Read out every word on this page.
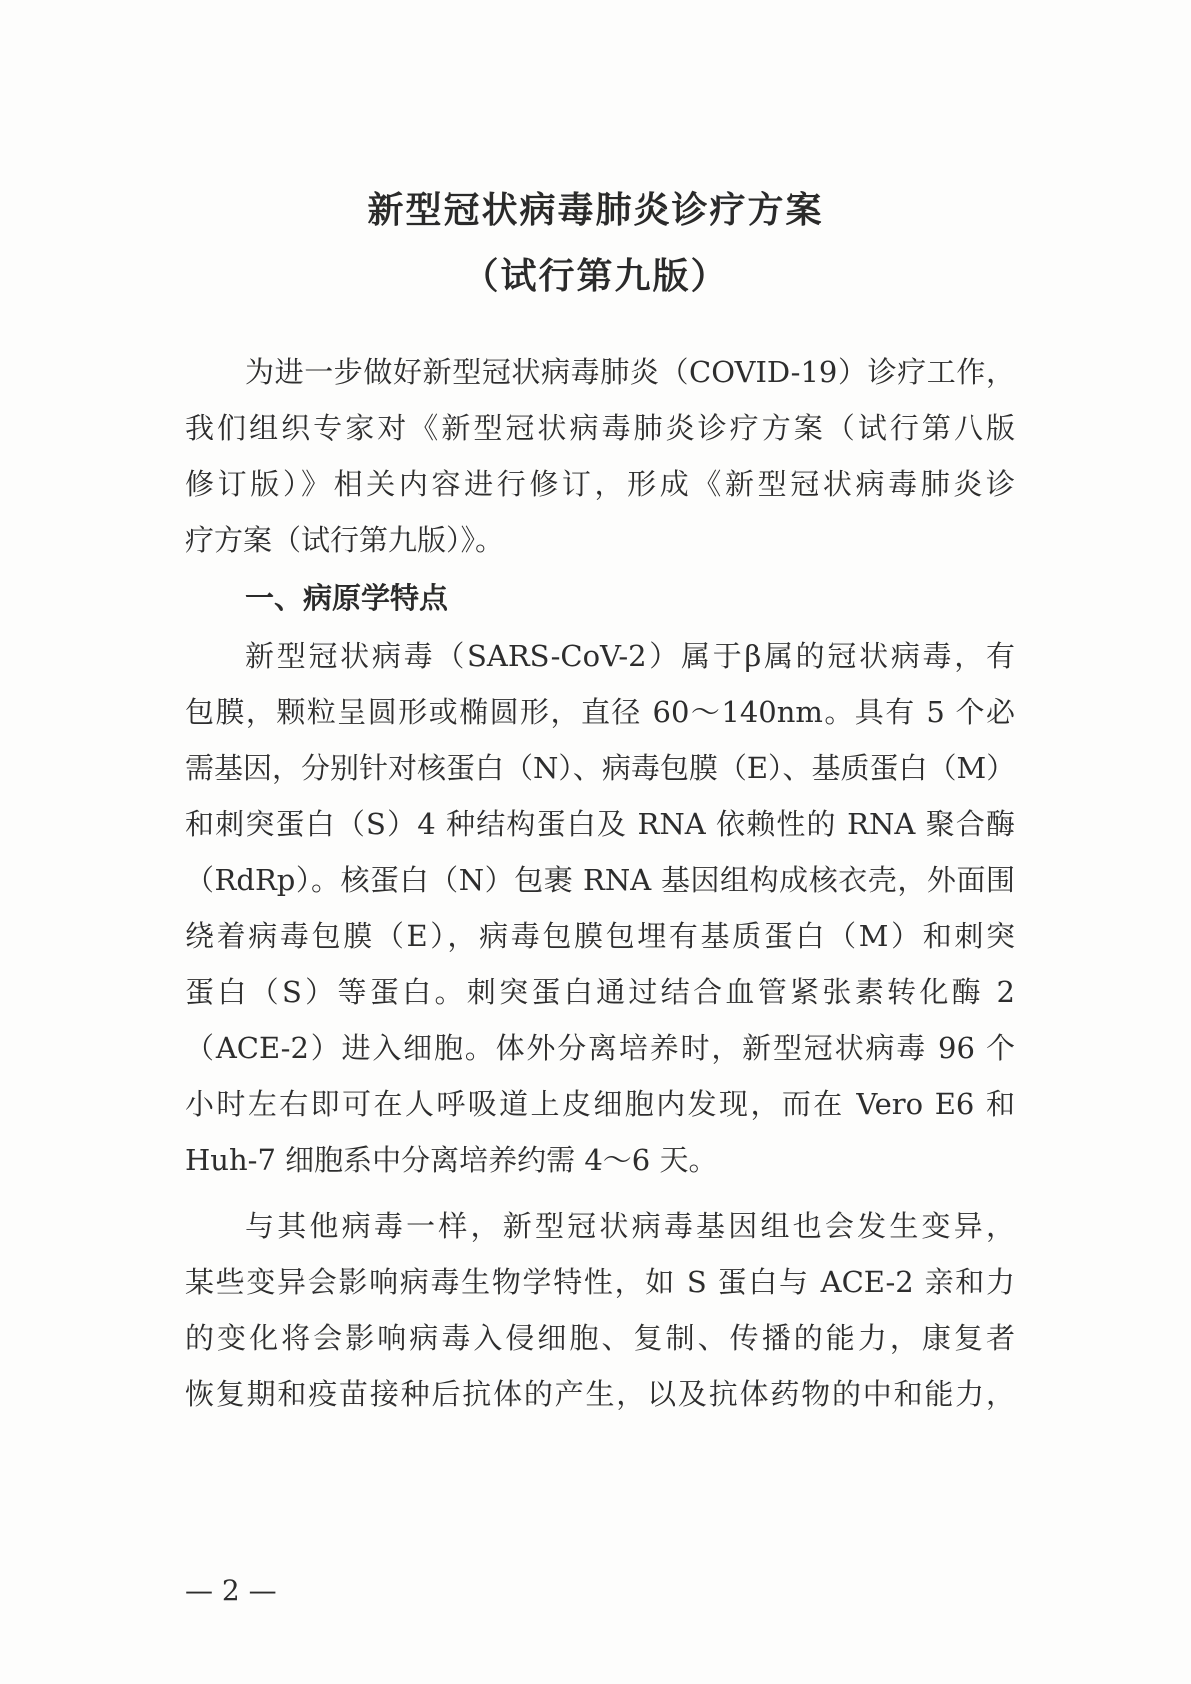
新型冠状病毒肺炎诊疗方案
（试行第九版）
为进一步做好新型冠状病毒肺炎（COVID-19）诊疗工作，
我们组织专家对《新型冠状病毒肺炎诊疗方案（试行第八版
修订版）》相关内容进行修订，形成《新型冠状病毒肺炎诊
疗方案（试行第九版）》。
一、病原学特点
新型冠状病毒（SARS-CoV-2）属于β属的冠状病毒，有
包膜，颗粒呈圆形或椭圆形，直径 60～140nm。具有 5 个必
需基因，分别针对核蛋白（N）、病毒包膜（E）、基质蛋白（M）
和刺突蛋白（S）4 种结构蛋白及 RNA 依赖性的 RNA 聚合酶
（RdRp）。核蛋白（N）包裹 RNA 基因组构成核衣壳，外面围
绕着病毒包膜（E），病毒包膜包埋有基质蛋白（M）和刺突
蛋白（S）等蛋白。刺突蛋白通过结合血管紧张素转化酶 2
（ACE-2）进入细胞。体外分离培养时，新型冠状病毒 96 个
小时左右即可在人呼吸道上皮细胞内发现，而在 Vero E6 和
Huh-7 细胞系中分离培养约需 4～6 天。
与其他病毒一样，新型冠状病毒基因组也会发生变异，
某些变异会影响病毒生物学特性，如 S 蛋白与 ACE-2 亲和力
的变化将会影响病毒入侵细胞、复制、传播的能力，康复者
恢复期和疫苗接种后抗体的产生，以及抗体药物的中和能力，
— 2 —
